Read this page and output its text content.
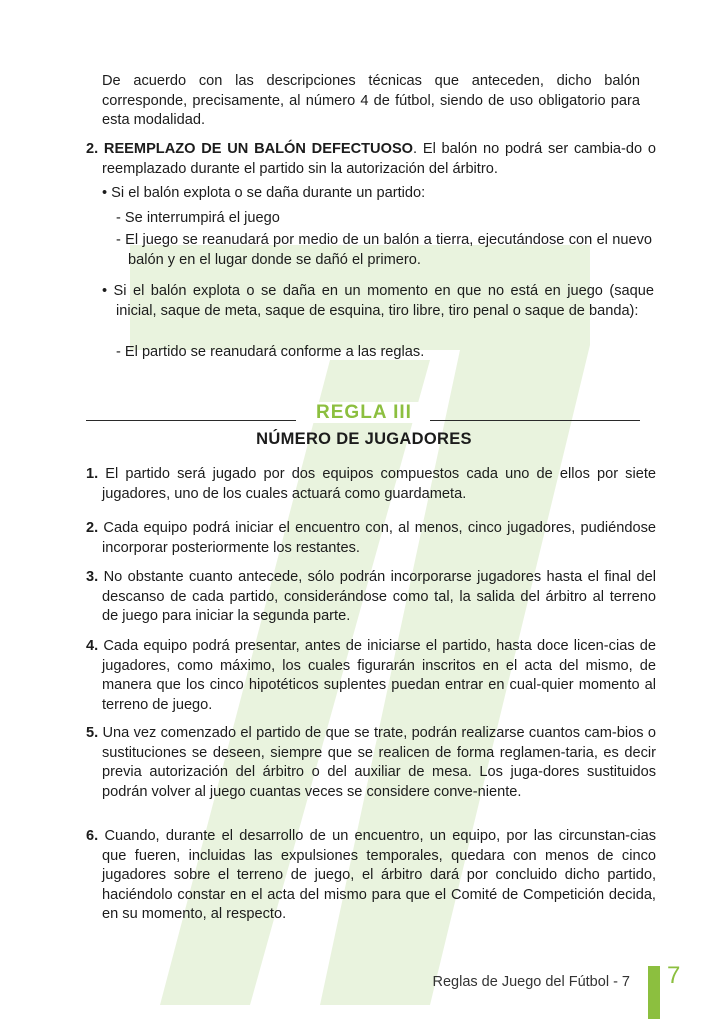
De acuerdo con las descripciones técnicas que anteceden, dicho balón corresponde, precisamente, al número 4 de fútbol, siendo de uso obligatorio para esta modalidad.

2. REEMPLAZO DE UN BALÓN DEFECTUOSO. El balón no podrá ser cambia-do o reemplazado durante el partido sin la autorización del árbitro.

• Si el balón explota o se daña durante un partido:

- Se interrumpirá el juego

- El juego se reanudará por medio de un balón a tierra, ejecutándose con el nuevo balón y en el lugar donde se dañó el primero.

• Si el balón explota o se daña en un momento en que no está en juego (saque inicial, saque de meta, saque de esquina, tiro libre, tiro penal o saque de banda):

- El partido se reanudará conforme a las reglas.

REGLA III
NÚMERO DE JUGADORES
1. El partido será jugado por dos equipos compuestos cada uno de ellos por siete jugadores, uno de los cuales actuará como guardameta.
2. Cada equipo podrá iniciar el encuentro con, al menos, cinco jugadores, pudiéndose incorporar posteriormente los restantes.
3. No obstante cuanto antecede, sólo podrán incorporarse jugadores hasta el final del descanso de cada partido, considerándose como tal, la salida del árbitro al terreno de juego para iniciar la segunda parte.
4. Cada equipo podrá presentar, antes de iniciarse el partido, hasta doce licen-cias de jugadores, como máximo, los cuales figurarán inscritos en el acta del mismo, de manera que los cinco hipotéticos suplentes puedan entrar en cual-quier momento al terreno de juego.
5. Una vez comenzado el partido de que se trate, podrán realizarse cuantos cam-bios o sustituciones se deseen, siempre que se realicen de forma reglamen-taria, es decir previa autorización del árbitro o del auxiliar de mesa. Los juga-dores sustituidos podrán volver al juego cuantas veces se considere conve-niente.
6. Cuando, durante el desarrollo de un encuentro, un equipo, por las circunstan-cias que fueren, incluidas las expulsiones temporales, quedara con menos de cinco jugadores sobre el terreno de juego, el árbitro dará por concluido dicho partido, haciéndolo constar en el acta del mismo para que el Comité de Competición decida, en su momento, al respecto.
Reglas de Juego del Fútbol - 7 7
